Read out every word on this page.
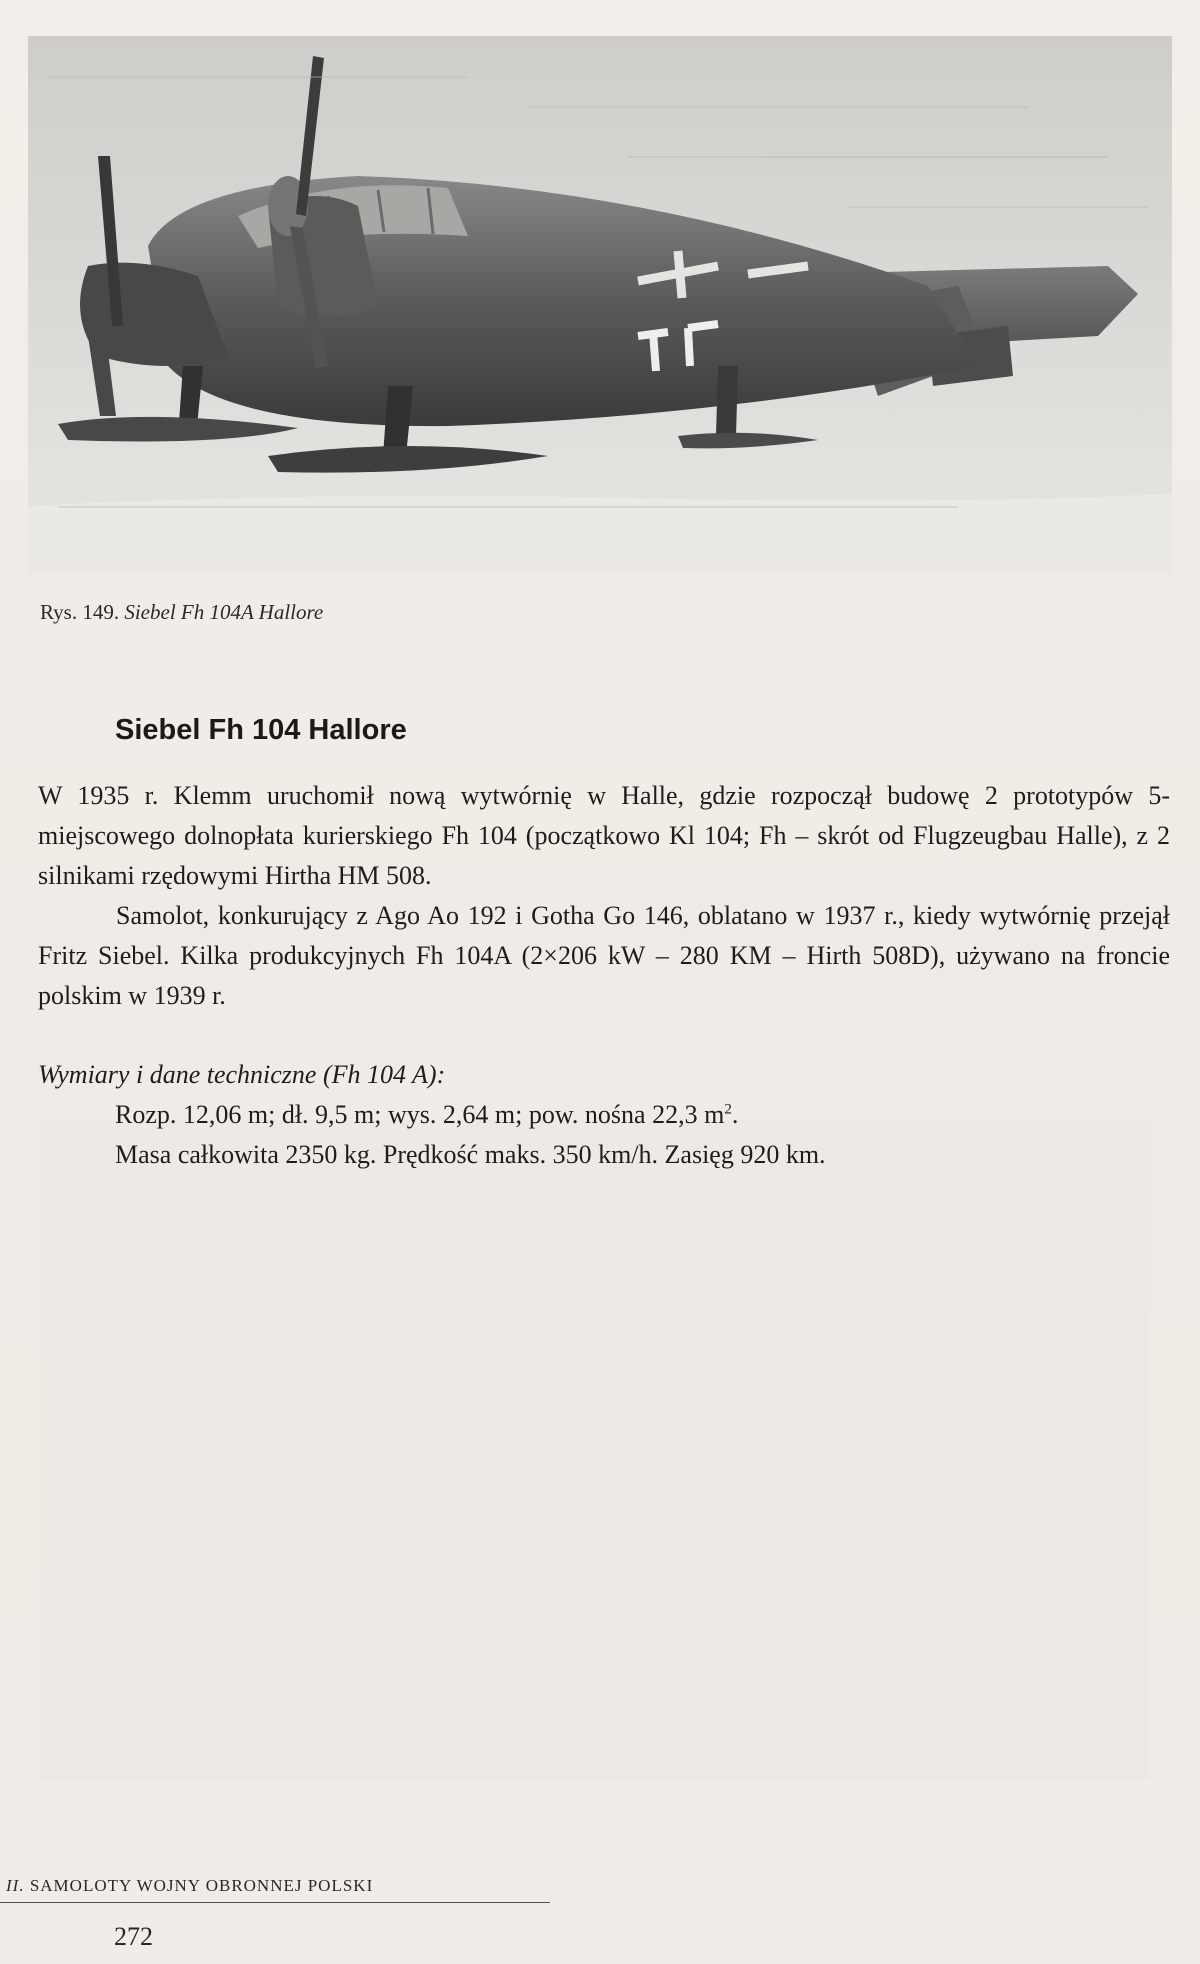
Rys. 149. Siebel Fh 104A Hallore
Siebel Fh 104 Hallore

W 1935 r. Klemm uruchomił nową wytwórnię w Halle, gdzie rozpoczął budowę 2 prototypów 5-miejscowego dolnopłata kurierskiego Fh 104 (początkowo Kl 104; Fh – skrót od Flugzeugbau Halle), z 2 silnikami rzędowymi Hirtha HM 508.

Samolot, konkurujący z Ago Ao 192 i Gotha Go 146, oblatano w 1937 r., kiedy wytwórnię przejął Fritz Siebel. Kilka produkcyjnych Fh 104A (2×206 kW – 280 KM – Hirth 508D), używano na froncie polskim w 1939 r.

Wymiary i dane techniczne (Fh 104 A):
Rozp. 12,06 m; dł. 9,5 m; wys. 2,64 m; pow. nośna 22,3 $m^2$.
Masa całkowita 2350 kg. Prędkość maks. 350 km/h. Zasięg 920 km.
II. SAMOLOTY WOJNY OBRONNEJ POLSKI
272
